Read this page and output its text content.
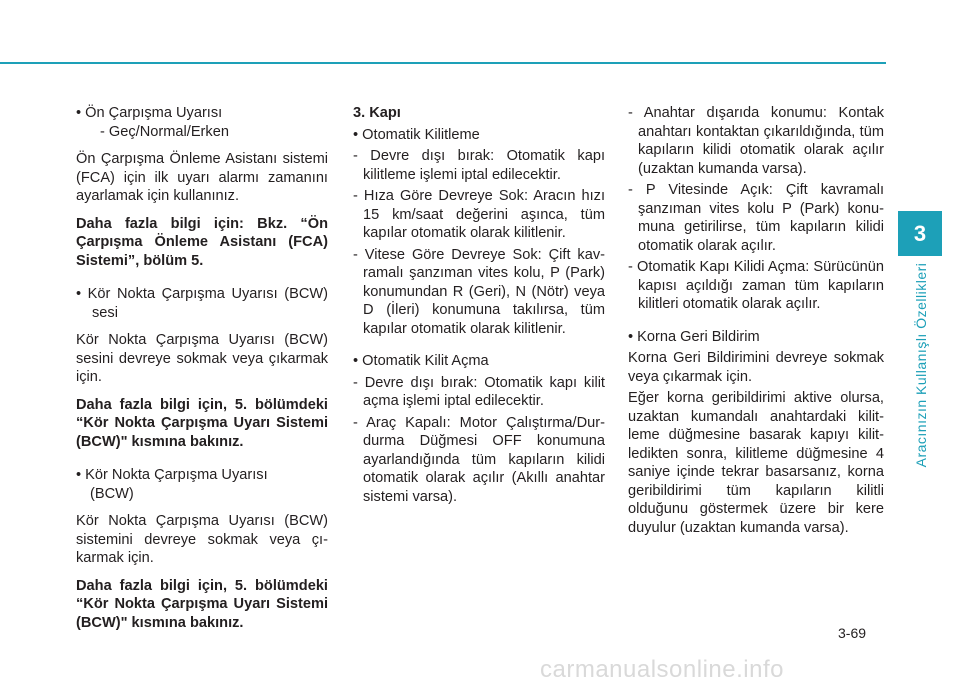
• Ön Çarpışma Uyarısı

- Geç/Normal/Erken

Ön Çarpışma Önleme Asistanı sistemi (FCA) için ilk uyarı alarmı zamanını ayarlamak için kullanınız.

Daha fazla bilgi için: Bkz. “Ön Çarpışma Önleme Asistanı (FCA) Sistemi”, bölüm 5.

• Kör Nokta Çarpışma Uyarısı (BCW) sesi

Kör Nokta Çarpışma Uyarısı (BCW) sesini devreye sokmak veya çıkarmak için.

Daha fazla bilgi için, 5. bölümdeki “Kör Nokta Çarpışma Uyarı Sistemi (BCW)" kısmına bakınız.

• Kör Nokta Çarpışma Uyarısı

(BCW)

Kör Nokta Çarpışma Uyarısı (BCW) sistemini devreye sokmak veya çıkarmak için.

Daha fazla bilgi için, 5. bölümdeki “Kör Nokta Çarpışma Uyarı Sistemi (BCW)" kısmına bakınız.

3. Kapı

• Otomatik Kilitleme

- Devre dışı bırak: Otomatik kapı kilitleme işlemi iptal edilecektir.

- Hıza Göre Devreye Sok: Aracın hızı 15 km/saat değerini aşınca, tüm kapılar otomatik olarak kilitlenir.

- Vitese Göre Devreye Sok: Çift kavramalı şanzıman vites kolu, P (Park) konumundan R (Geri), N (Nötr) veya D (İleri) konumuna takılırsa, tüm kapılar otomatik olarak kilitlenir.

• Otomatik Kilit Açma

- Devre dışı bırak: Otomatik kapı kilit açma işlemi iptal edilecektir.

- Araç Kapalı: Motor Çalıştırma/Durdurma Düğmesi OFF konumuna ayarlandığında tüm kapıların kilidi otomatik olarak açılır (Akıllı anahtar sistemi varsa).

- Anahtar dışarıda konumu: Kontak anahtarı kontaktan çıkarıldığında, tüm kapıların kilidi otomatik olarak açılır (uzaktan kumanda varsa).

- P Vitesinde Açık: Çift kavramalı şanzıman vites kolu P (Park) konumuna getirilirse, tüm kapıların kilidi otomatik olarak açılır.

- Otomatik Kapı Kilidi Açma: Sürücünün kapısı açıldığı zaman tüm kapıların kilitleri otomatik olarak açılır.

• Korna Geri Bildirim

Korna Geri Bildirimini devreye sokmak veya çıkarmak için.

Eğer korna geribildirimi aktive olursa, uzaktan kumandalı anahtardaki kilitleme düğmesine basarak kapıyı kilitledikten sonra, kilitleme düğmesine 4 saniye içinde tekrar basarsanız, korna geribildirimi tüm kapıların kilitli olduğunu göstermek üzere bir kere duyulur (uzaktan kumanda varsa).

3
Aracınızın Kullanışlı Özellikleri
3-69
carmanualsonline.info
